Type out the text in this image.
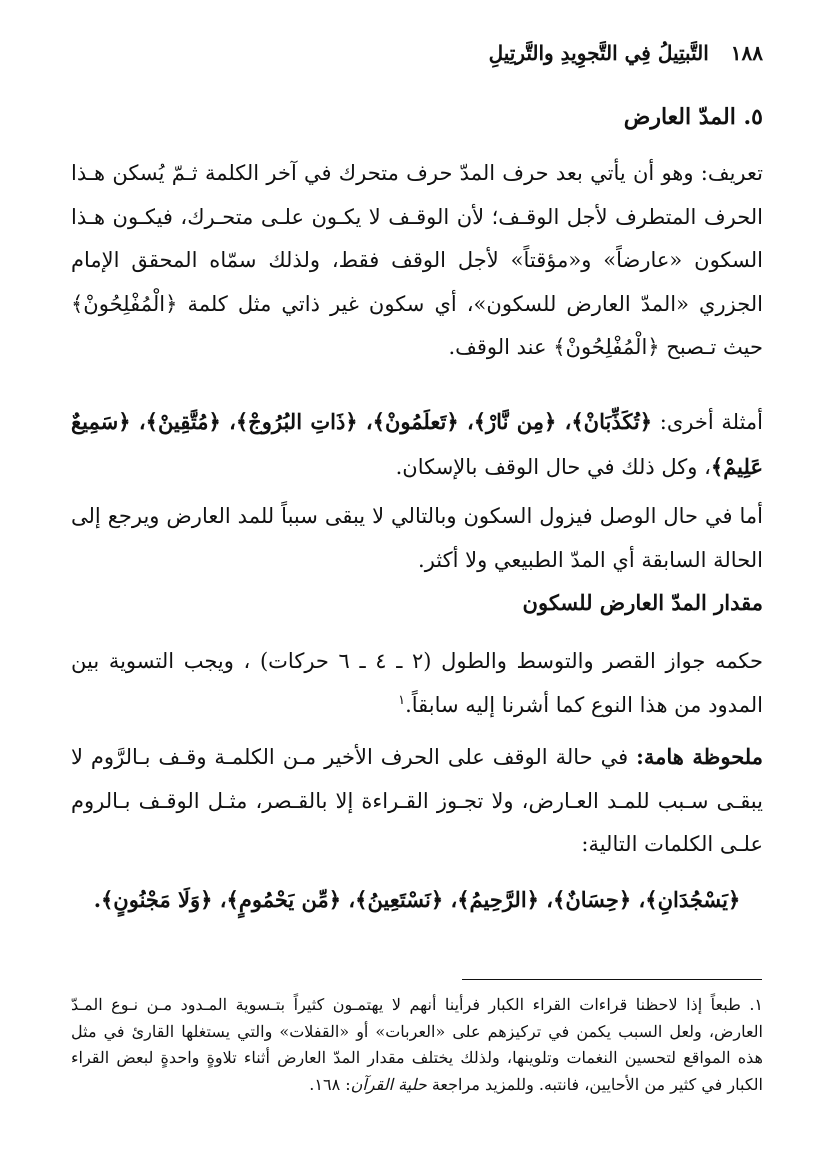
١٨٨
التَّبتِيلُ فِي التَّجوِيدِ والتَّرتِيلِ
٥. المدّ العارض

تعريف: وهو أن يأتي بعد حرف المدّ حرف متحرك في آخر الكلمة ثـمّ يُسكن هـذا الحرف المتطرف لأجل الوقـف؛ لأن الوقـف لا يكـون علـى متحـرك، فيكـون هـذا السكون «عارضاً» و«مؤقتاً» لأجل الوقف فقط، ولذلك سمّاه المحقق الإمام الجزري «المدّ العارض للسكون»، أي سكون غير ذاتي مثل كلمة ﴿الْمُفْلِحُونْ﴾ حيث تـصبح ﴿الْمُفْلِحُونْ﴾ عند الوقف.

أمثلة أخرى: ﴿تُكَذِّبَانْ﴾، ﴿مِن نَّارْ﴾، ﴿تَعلَمُونْ﴾، ﴿ذَاتِ البُرُوجْ﴾، ﴿مُتَّقِينْ﴾، ﴿سَمِيعٌ عَلِيمْ﴾، وكل ذلك في حال الوقف بالإسكان.

أما في حال الوصل فيزول السكون وبالتالي لا يبقى سبباً للمد العارض ويرجع إلى الحالة السابقة أي المدّ الطبيعي ولا أكثر.

مقدار المدّ العارض للسكون

حكمه جواز القصر والتوسط والطول (٢ ـ ٤ ـ ٦ حركات) ، ويجب التسوية بين المدود من هذا النوع كما أشرنا إليه سابقاً.$^١$

ملحوظة هامة: في حالة الوقف على الحرف الأخير مـن الكلمـة وقـف بـالرَّوم لا يبقـى سـبب للمـد العـارض، ولا تجـوز القـراءة إلا بالقـصر، مثـل الوقـف بـالروم علـى الكلمات التالية:

﴿يَسْجُدَانِ﴾، ﴿حِسَانٌ﴾، ﴿الرَّحِيمُ﴾، ﴿نَسْتَعِينُ﴾، ﴿مِّن يَحْمُومٍ﴾، ﴿وَلَا مَجْنُونٍ﴾.

١. طبعاً إذا لاحظنا قراءات القراء الكبار فرأينا أنهم لا يهتمـون كثيراً بتـسوية المـدود مـن نـوع المـدّ العارض، ولعل السبب يكمن في تركيزهم على «العربات» أو «القفلات» والتي يستغلها القارئ في مثل هذه المواقع لتحسين النغمات وتلوينها، ولذلك يختلف مقدار المدّ العارض أثناء تلاوةٍ واحدةٍ لبعض القراء الكبار في كثير من الأحايين، فانتبه. وللمزيد مراجعة حلية القرآن: ١٦٨.
